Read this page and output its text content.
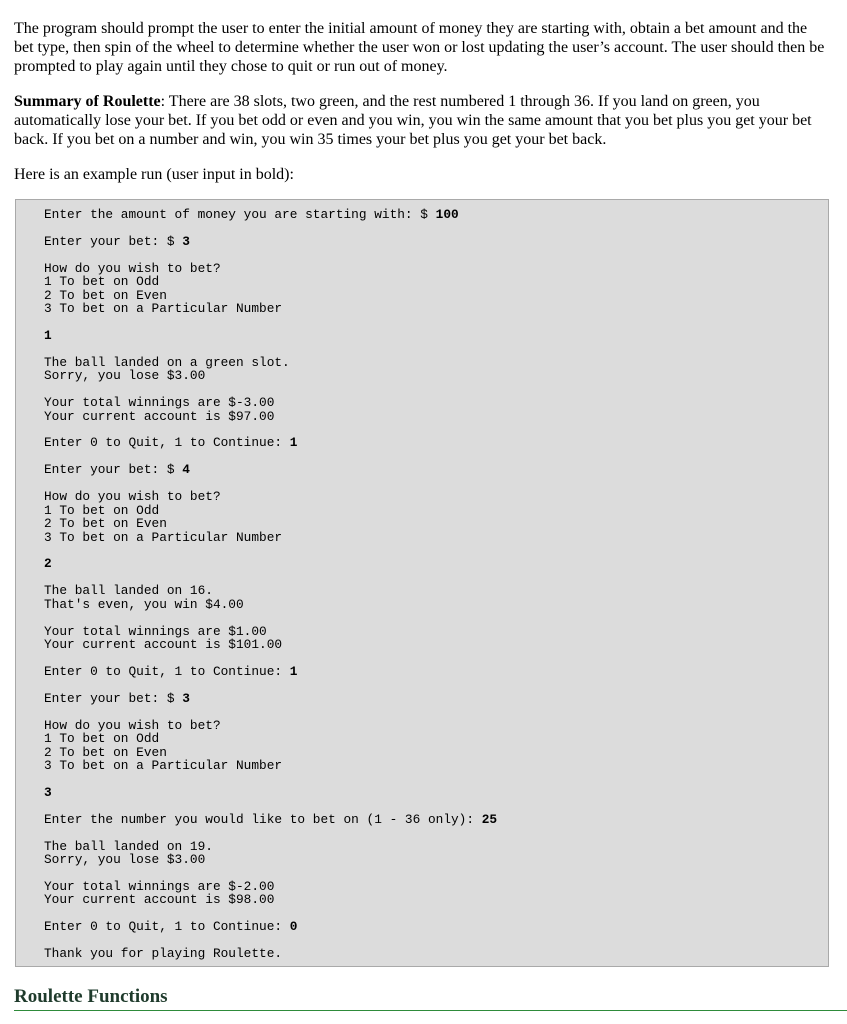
The program should prompt the user to enter the initial amount of money they are starting with, obtain a bet amount and the bet type, then spin of the wheel to determine whether the user won or lost updating the user’s account. The user should then be prompted to play again until they chose to quit or run out of money.

Summary of Roulette: There are 38 slots, two green, and the rest numbered 1 through 36. If you land on green, you automatically lose your bet. If you bet odd or even and you win, you win the same amount that you bet plus you get your bet back. If you bet on a number and win, you win 35 times your bet plus you get your bet back.

Here is an example run (user input in bold):

Enter the amount of money you are starting with: $ 100
Enter your bet: $ 3
How do you wish to bet?
1 To bet on Odd
2 To bet on Even
3 To bet on a Particular Number
1
The ball landed on a green slot.
Sorry, you lose $3.00
Your total winnings are $-3.00
Your current account is $97.00
Enter 0 to Quit, 1 to Continue: 1
Enter your bet: $ 4
How do you wish to bet?
1 To bet on Odd
2 To bet on Even
3 To bet on a Particular Number
2
The ball landed on 16.
That's even, you win $4.00
Your total winnings are $1.00
Your current account is $101.00
Enter 0 to Quit, 1 to Continue: 1
Enter your bet: $ 3
How do you wish to bet?
1 To bet on Odd
2 To bet on Even
3 To bet on a Particular Number
3
Enter the number you would like to bet on (1 - 36 only): 25
The ball landed on 19.
Sorry, you lose $3.00
Your total winnings are $-2.00
Your current account is $98.00
Enter 0 to Quit, 1 to Continue: 0
Thank you for playing Roulette.
Roulette Functions
